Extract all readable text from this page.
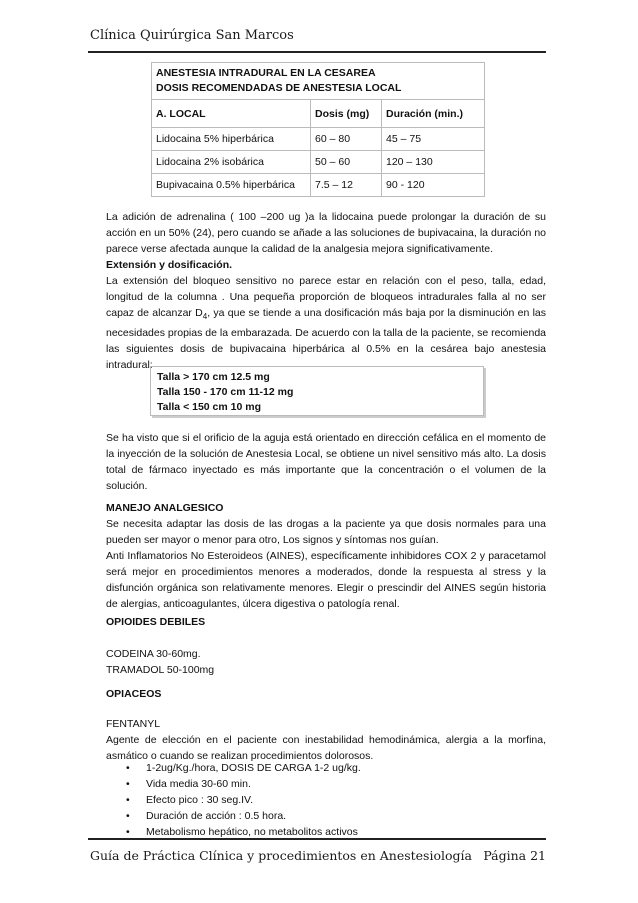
Clínica Quirúrgica San Marcos
ANESTESIA INTRADURAL EN LA CESAREA
DOSIS RECOMENDADAS DE ANESTESIA LOCAL		

A. LOCAL	Dosis (mg)	Duración (min.)
Lidocaina 5% hiperbárica	60 – 80	45 – 75
Lidocaina 2% isobárica	50 – 60	120 – 130
Bupivacaina 0.5% hiperbárica	7.5 – 12	90 - 120
La adición de adrenalina ( 100 –200 ug )a la lidocaina puede prolongar la duración de su acción en un 50% (24), pero cuando se añade a las soluciones de bupivacaina, la duración no parece verse afectada aunque la calidad de la analgesia mejora significativamente.
Extensión y dosificación.
La extensión del bloqueo sensitivo no parece estar en relación con el peso, talla, edad, longitud de la columna . Una pequeña proporción de bloqueos intradurales falla al no ser capaz de alcanzar $D_4$, ya que se tiende a una dosificación más baja por la disminución en las necesidades propias de la embarazada. De acuerdo con la talla de la paciente, se recomienda las siguientes dosis de bupivacaina hiperbárica al 0.5% en la cesárea bajo anestesia intradural:
Talla > 170 cm 12.5 mg
Talla 150 - 170 cm 11-12 mg
Talla < 150 cm 10 mg
Se ha visto que si el orificio de la aguja está orientado en dirección cefálica en el momento de la inyección de la solución de Anestesia Local, se obtiene un nivel sensitivo más alto. La dosis total de fármaco inyectado es más importante que la concentración o el volumen de la solución.
MANEJO ANALGESICO
Se necesita adaptar las dosis de las drogas a la paciente ya que dosis normales para una pueden ser mayor o menor para otro, Los signos y síntomas nos guían.
Anti Inflamatorios No Esteroideos (AINES), específicamente inhibidores COX 2 y paracetamol será mejor en procedimientos menores a moderados, donde la respuesta al stress y la disfunción orgánica son relativamente menores. Elegir o prescindir del AINES según historia de alergias, anticoagulantes, úlcera digestiva o patología renal.
OPIOIDES DEBILES
CODEINA 30-60mg.
TRAMADOL 50-100mg
OPIACEOS
FENTANYL
Agente de elección en el paciente con inestabilidad hemodinámica, alergia a la morfina, asmático o cuando se realizan procedimientos dolorosos.
• 1-2ug/Kg./hora, DOSIS DE CARGA 1-2 ug/kg.
• Vida media 30-60 min.
• Efecto pico : 30 seg.IV.
• Duración de acción : 0.5 hora.
• Metabolismo hepático, no metabolitos activos
Guía de Práctica Clínica y procedimientos en Anestesiología Página 21
